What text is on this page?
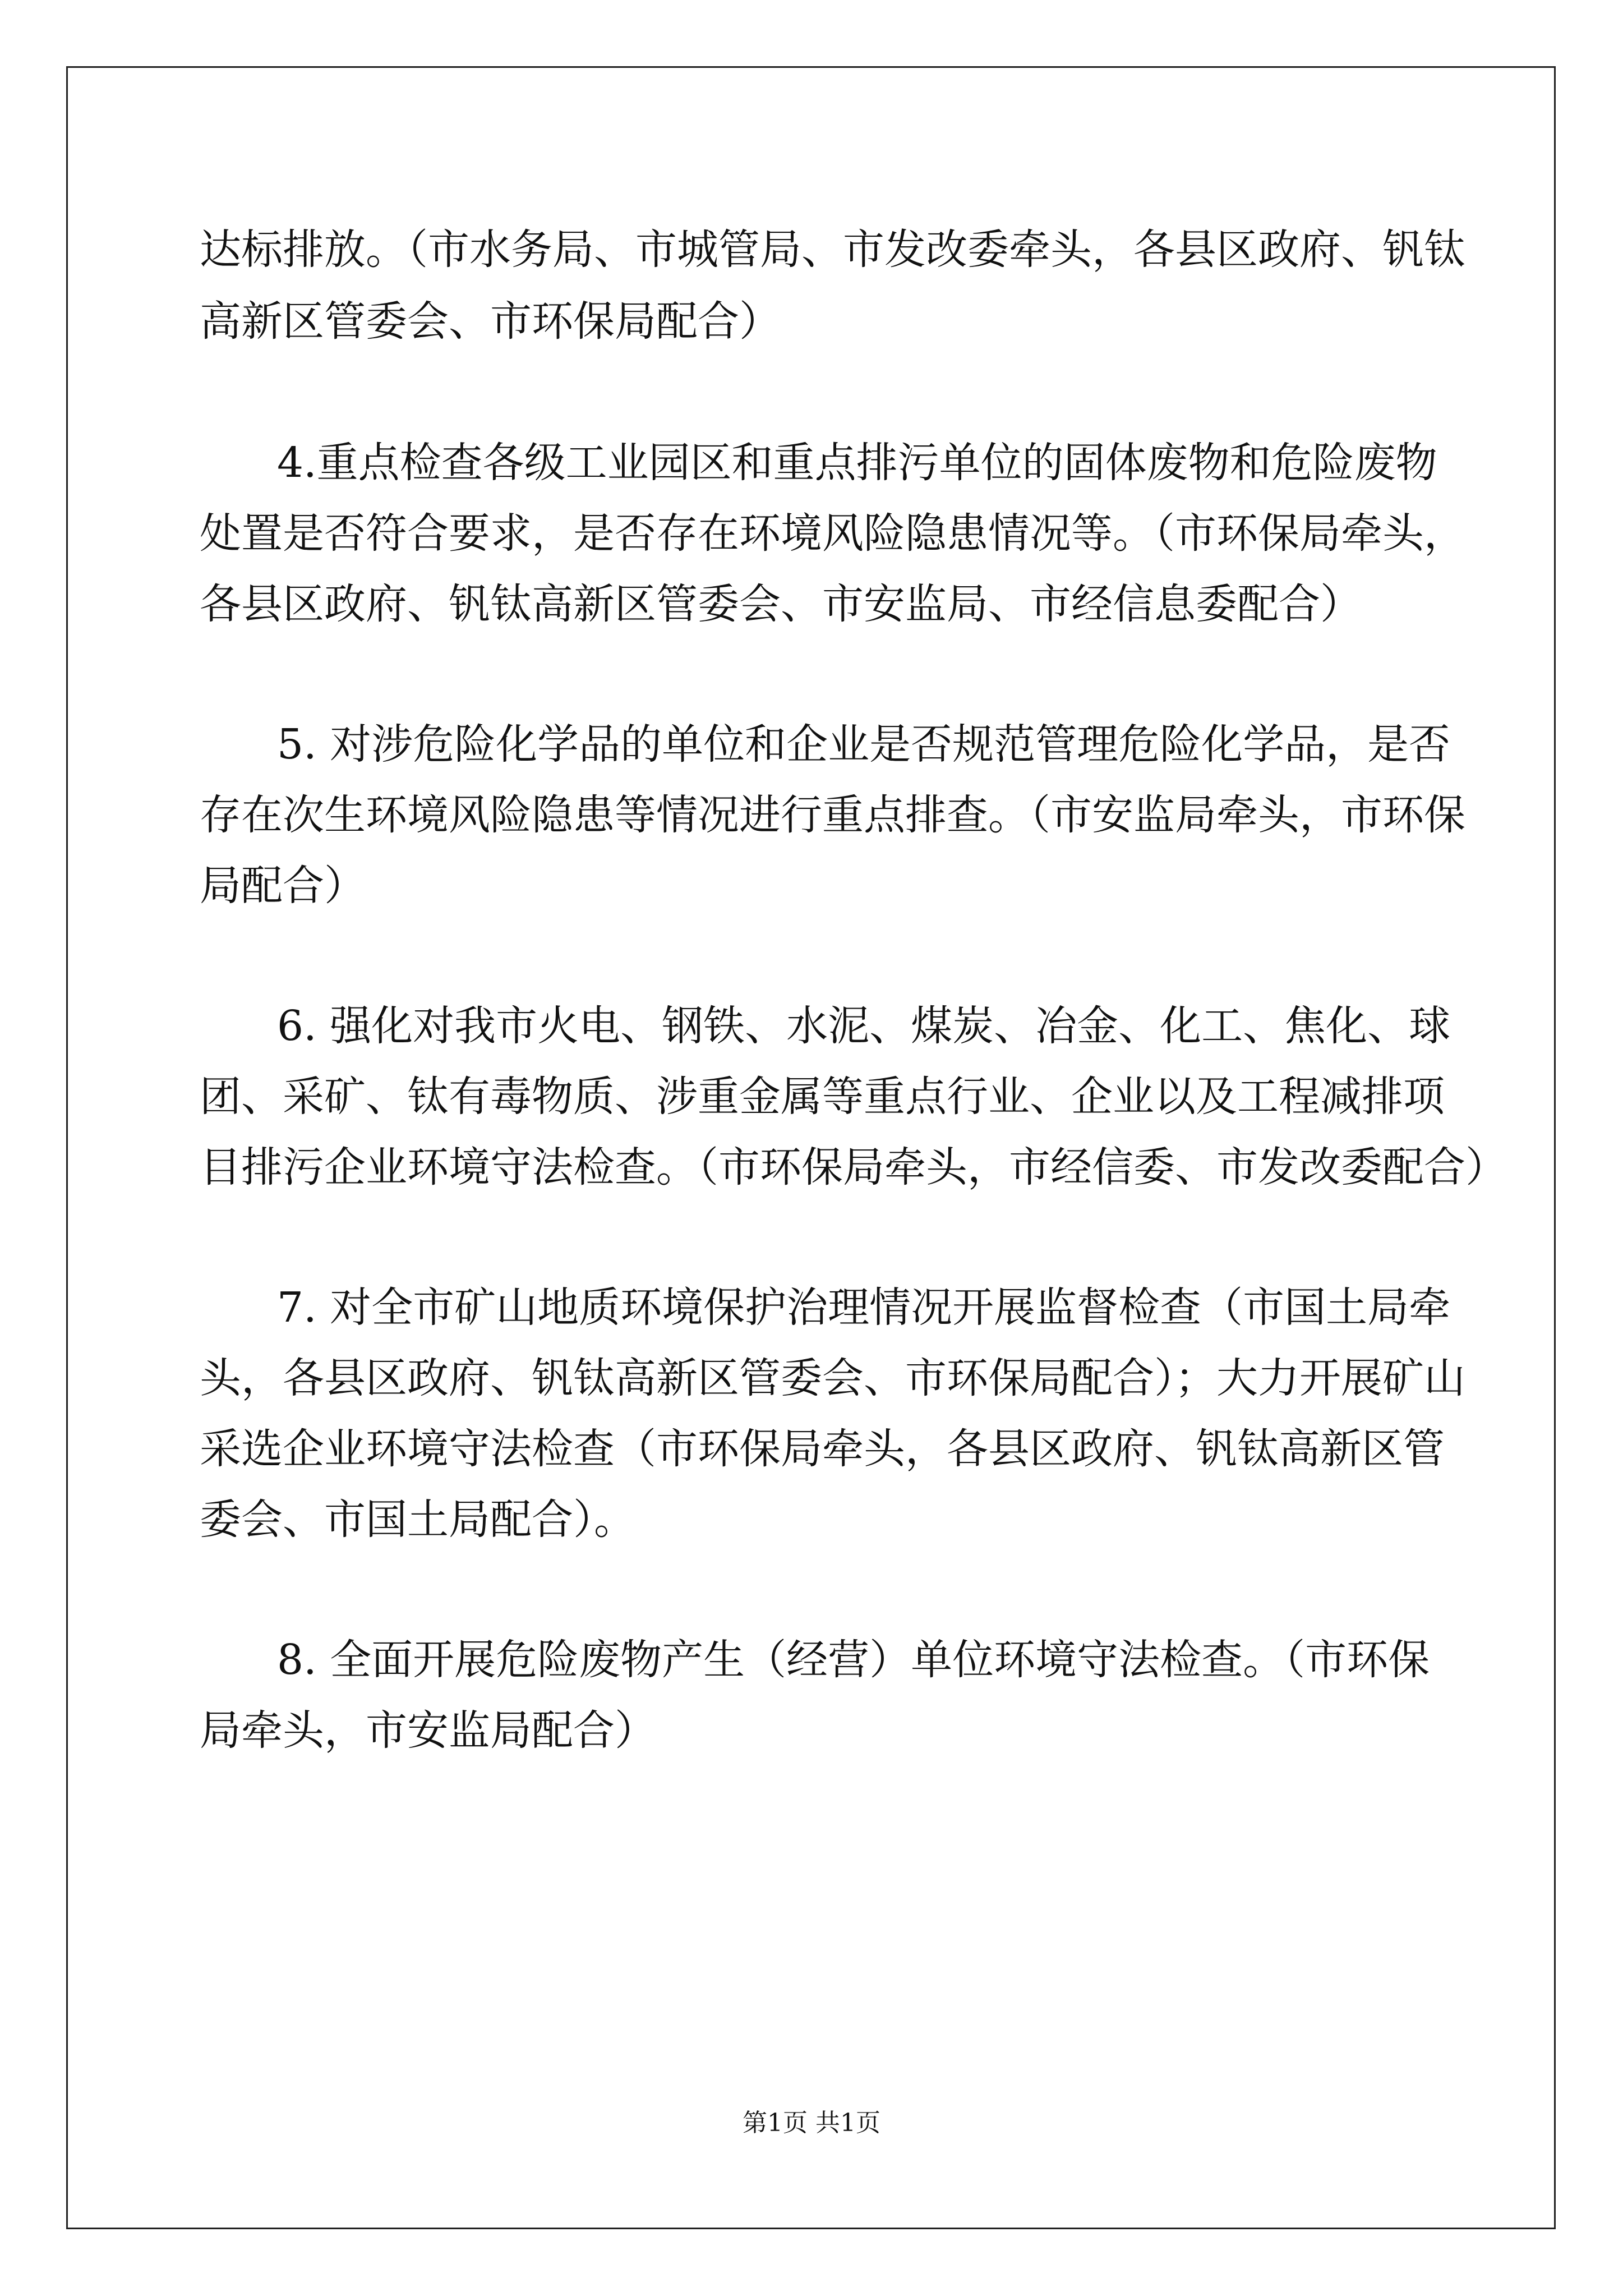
达标排放。（市水务局、市城管局、市发改委牵头，各县区政府、钒钛
高新区管委会、市环保局配合）
4.重点检查各级工业园区和重点排污单位的固体废物和危险废物
处置是否符合要求，是否存在环境风险隐患情况等。（市环保局牵头，
各县区政府、钒钛高新区管委会、市安监局、市经信息委配合）
5. 对涉危险化学品的单位和企业是否规范管理危险化学品，是否
存在次生环境风险隐患等情况进行重点排查。（市安监局牵头，市环保
局配合）
6. 强化对我市火电、钢铁、水泥、煤炭、冶金、化工、焦化、球
团、采矿、钛有毒物质、涉重金属等重点行业、企业以及工程减排项
目排污企业环境守法检查。（市环保局牵头，市经信委、市发改委配合）
7. 对全市矿山地质环境保护治理情况开展监督检查（市国土局牵
头，各县区政府、钒钛高新区管委会、市环保局配合）；大力开展矿山
采选企业环境守法检查（市环保局牵头，各县区政府、钒钛高新区管
委会、市国土局配合）。
8. 全面开展危险废物产生（经营）单位环境守法检查。（市环保
局牵头，市安监局配合）
第1页 共1页
